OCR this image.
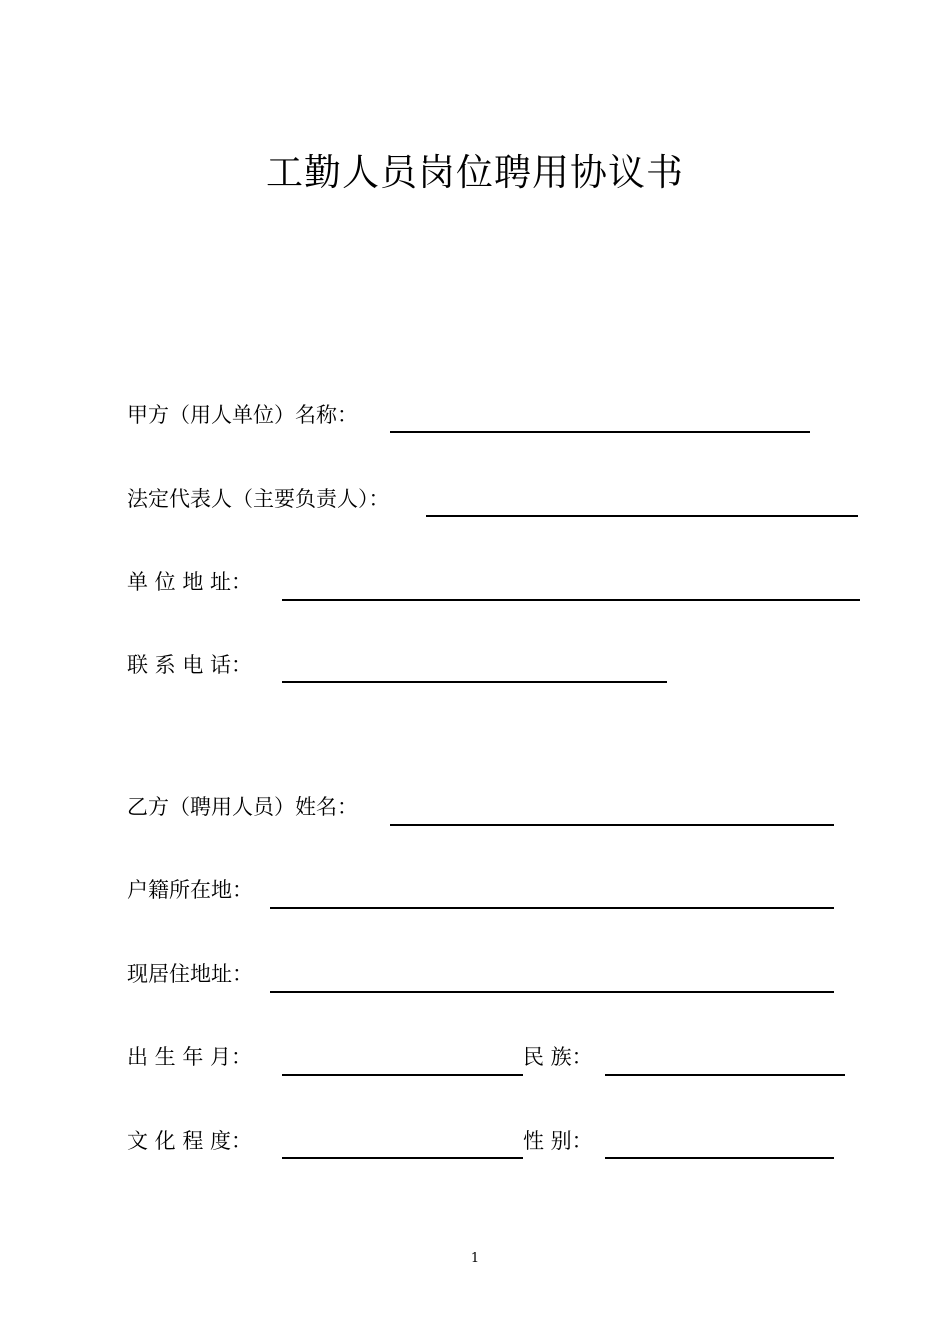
工勤人员岗位聘用协议书
甲方（用人单位）名称：
法定代表人（主要负责人）：
单 位 地 址：
联 系 电 话：
乙方（聘用人员）姓名：
户籍所在地：
现居住地址：
出 生 年 月：	民 族：
文 化 程 度：	性 别：
1
